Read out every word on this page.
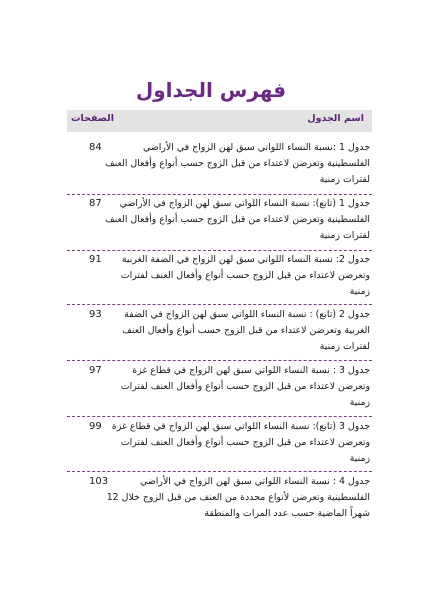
فهرس الجداول
اسم الجدول
الصفحات
جدول 1 :نسبة النساء اللواتي سبق لهن الزواج في الأراضي الفلسطينية وتعرضن لاعتداء من قبل الزوج حسب أنواع وأفعال العنف لفترات زمنية
84
جدول 1 (تابع): نسبة النساء اللواتي سبق لهن الزواج في الأراضي الفلسطينية وتعرضن لاعتداء من قبل الزوج حسب أنواع وأفعال العنف لفترات زمنية
87
جدول 2: نسبة النساء اللواتي سبق لهن الزواج في الضفة الغربية وتعرضن لاعتداء من قبل الزوج حسب أنواع وأفعال العنف لفترات زمنية
91
جدول 2 (تابع) : نسبة النساء اللواتي سبق لهن الزواج في الضفة الغربية وتعرضن لاعتداء من قبل الزوج حسب أنواع وأفعال العنف لفترات زمنية
93
جدول 3 : نسبة النساء اللواتي سبق لهن الزواج في قطاع غزة وتعرضن لاعتداء من قبل الزوج حسب أنواع وأفعال العنف لفترات زمنية
97
جدول 3 (تابع): نسبة النساء اللواتي سبق لهن الزواج في قطاع غزة وتعرضن لاعتداء من قبل الزوج حسب أنواع وأفعال العنف لفترات زمنية
99
جدول 4 : نسبة النساء اللواتي سبق لهن الزواج في الأراضي الفلسطينية وتعرضن لأنواع محددة من العنف من قبل الزوج خلال 12 شهراً الماضية حسب عدد المرات والمنطقة
103
